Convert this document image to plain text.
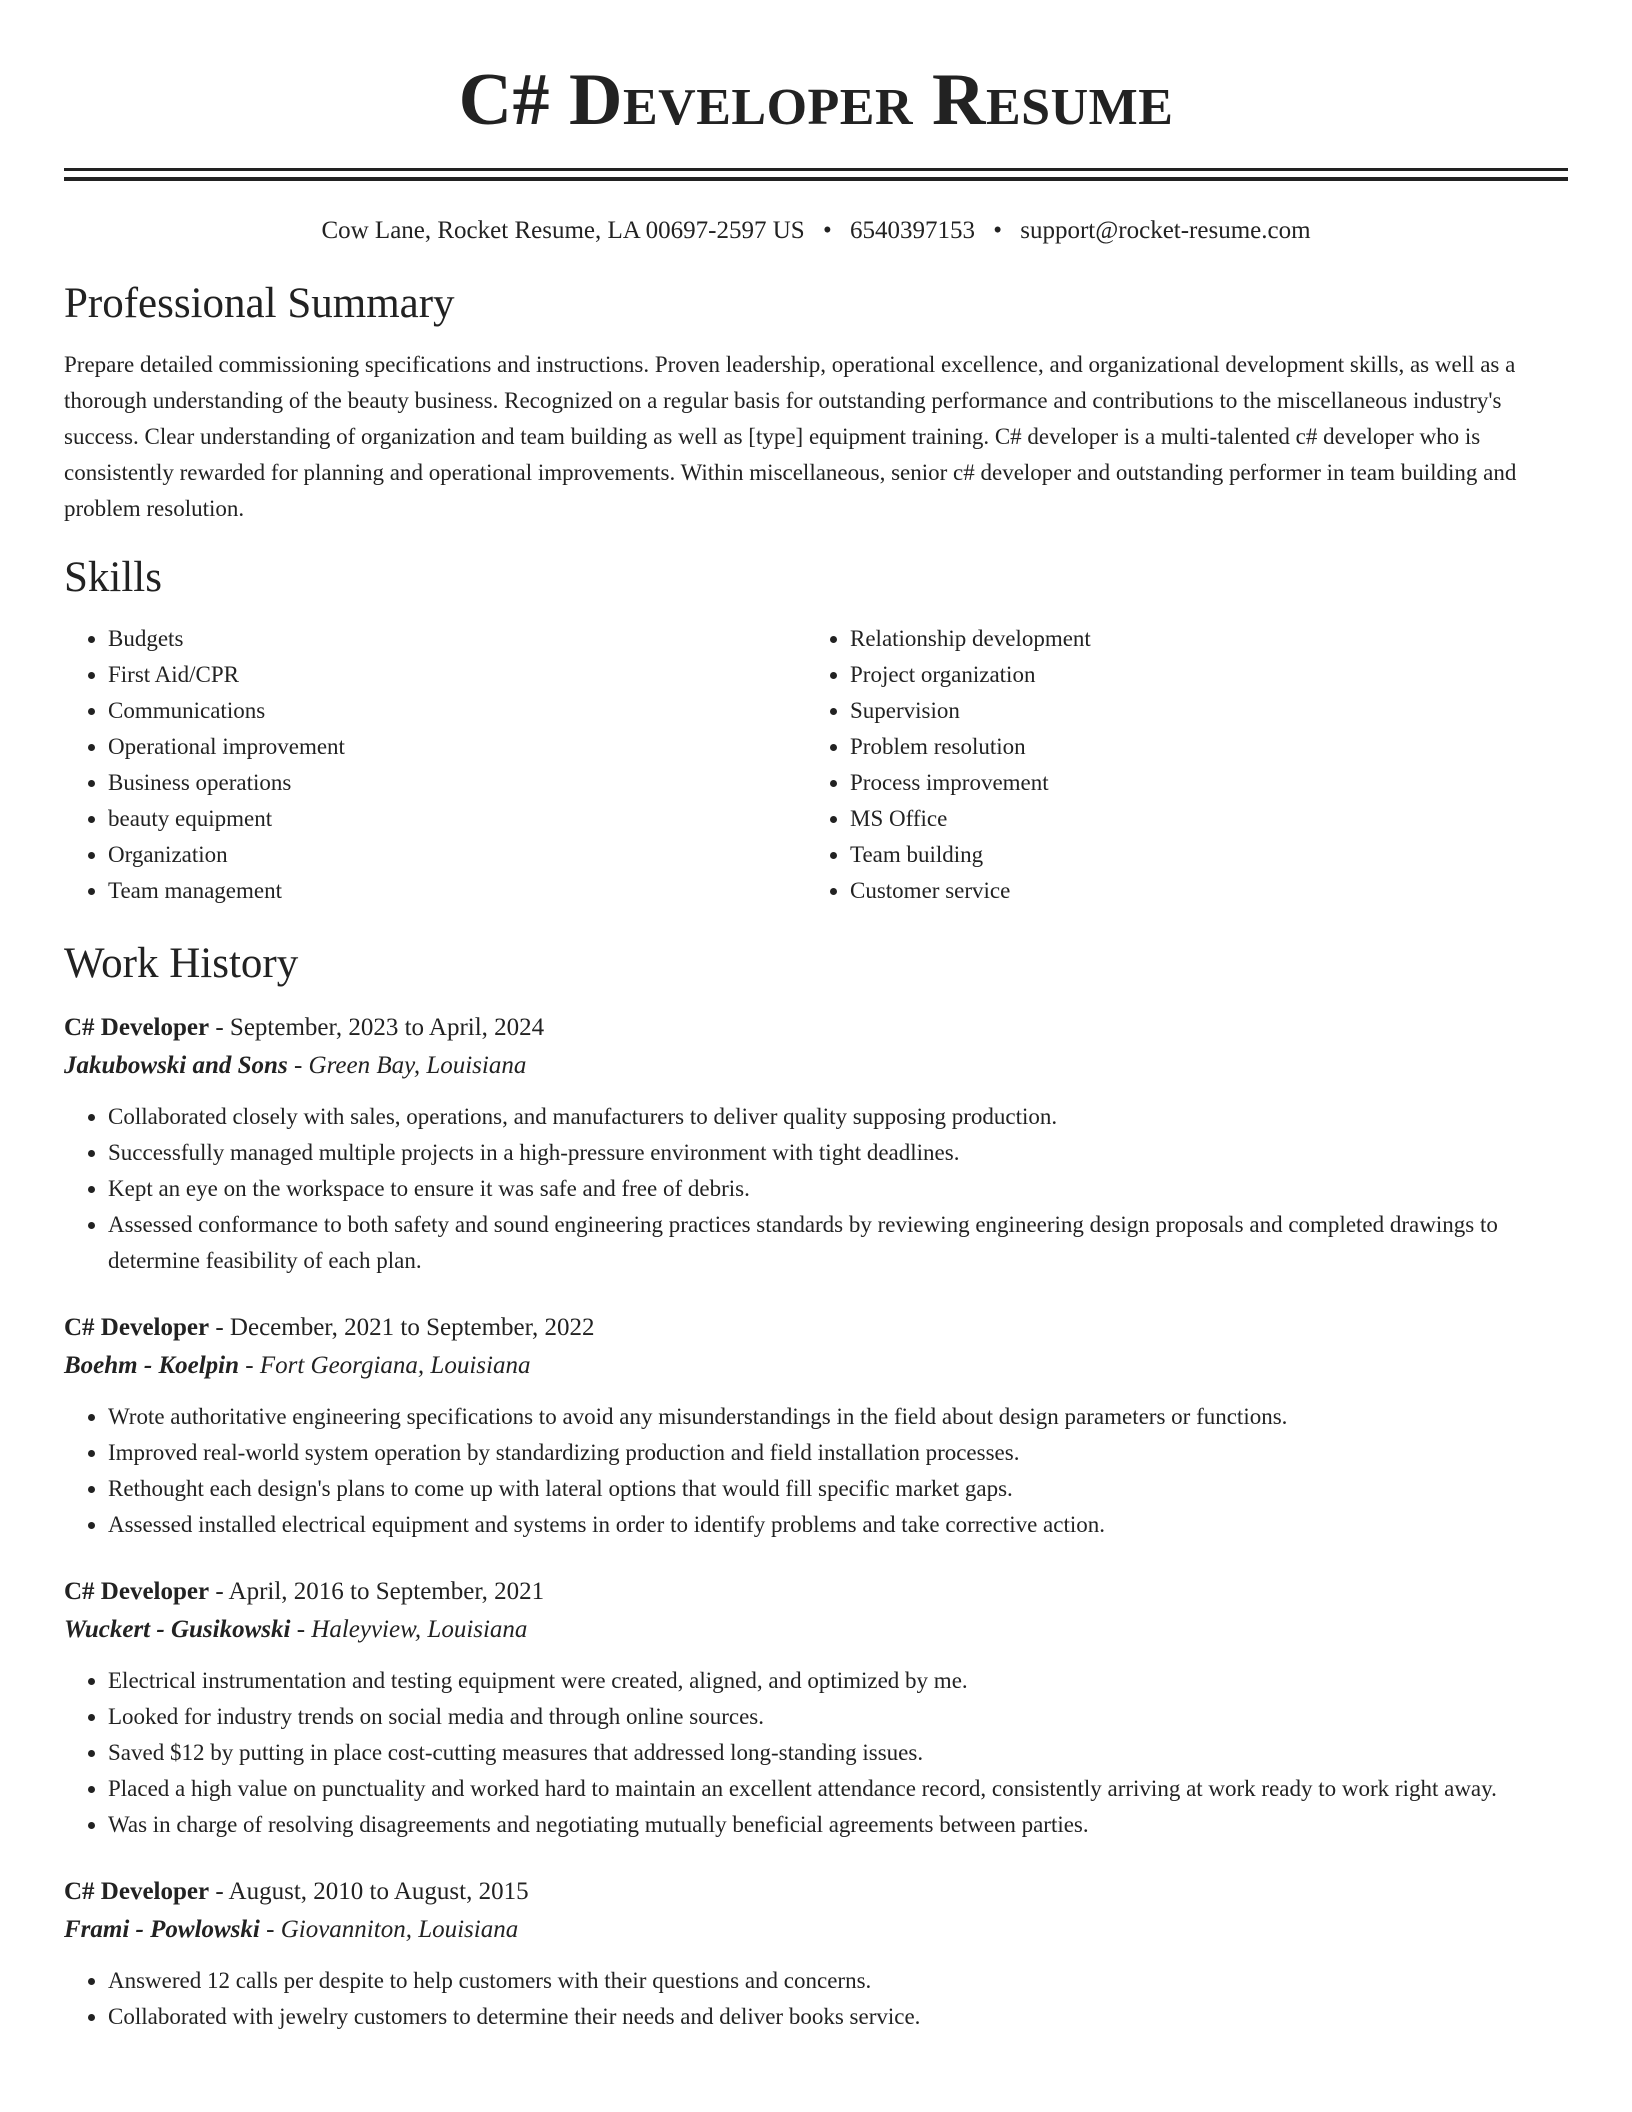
C# Developer Resume
Cow Lane, Rocket Resume, LA 00697-2597 US • 6540397153 • support@rocket-resume.com
Professional Summary

Prepare detailed commissioning specifications and instructions. Proven leadership, operational excellence, and organizational development skills, as well as a thorough understanding of the beauty business. Recognized on a regular basis for outstanding performance and contributions to the miscellaneous industry's success. Clear understanding of organization and team building as well as [type] equipment training. C# developer is a multi-talented c# developer who is consistently rewarded for planning and operational improvements. Within miscellaneous, senior c# developer and outstanding performer in team building and problem resolution.

Skills
• Budgets
• First Aid/CPR
• Communications
• Operational improvement
• Business operations
• beauty equipment
• Organization
• Team management
• Relationship development
• Project organization
• Supervision
• Problem resolution
• Process improvement
• MS Office
• Team building
• Customer service
Work History
C# Developer - September, 2023 to April, 2024
Jakubowski and Sons - Green Bay, Louisiana
• Collaborated closely with sales, operations, and manufacturers to deliver quality supposing production.
• Successfully managed multiple projects in a high-pressure environment with tight deadlines.
• Kept an eye on the workspace to ensure it was safe and free of debris.
• Assessed conformance to both safety and sound engineering practices standards by reviewing engineering design proposals and completed drawings to determine feasibility of each plan.
C# Developer - December, 2021 to September, 2022
Boehm - Koelpin - Fort Georgiana, Louisiana
• Wrote authoritative engineering specifications to avoid any misunderstandings in the field about design parameters or functions.
• Improved real-world system operation by standardizing production and field installation processes.
• Rethought each design's plans to come up with lateral options that would fill specific market gaps.
• Assessed installed electrical equipment and systems in order to identify problems and take corrective action.
C# Developer - April, 2016 to September, 2021
Wuckert - Gusikowski - Haleyview, Louisiana
• Electrical instrumentation and testing equipment were created, aligned, and optimized by me.
• Looked for industry trends on social media and through online sources.
• Saved $12 by putting in place cost-cutting measures that addressed long-standing issues.
• Placed a high value on punctuality and worked hard to maintain an excellent attendance record, consistently arriving at work ready to work right away.
• Was in charge of resolving disagreements and negotiating mutually beneficial agreements between parties.
C# Developer - August, 2010 to August, 2015
Frami - Powlowski - Giovanniton, Louisiana
• Answered 12 calls per despite to help customers with their questions and concerns.
• Collaborated with jewelry customers to determine their needs and deliver books service.
